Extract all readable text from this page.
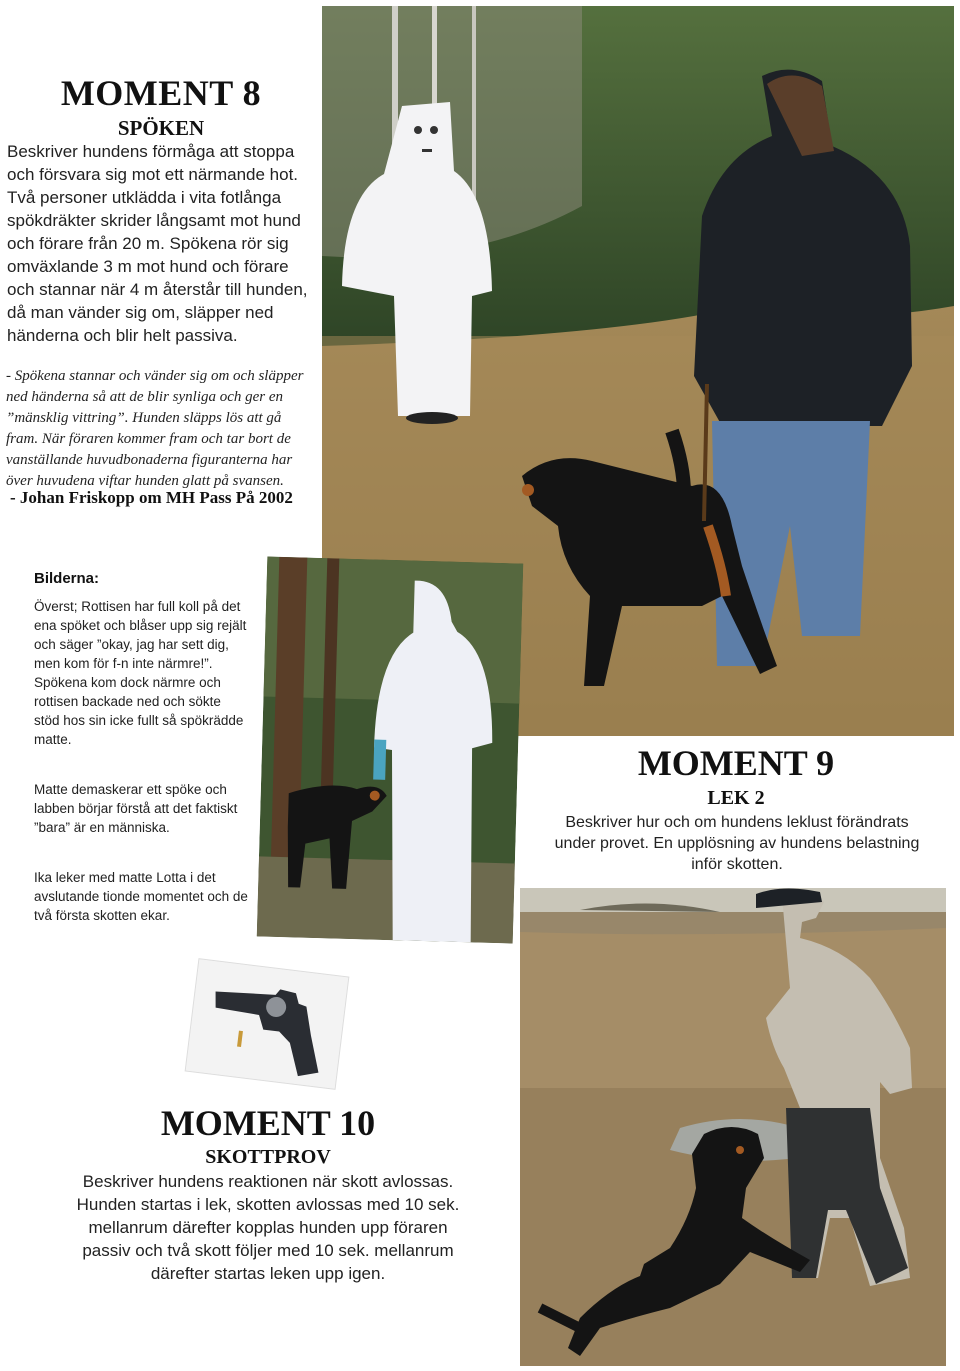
MOMENT 8
SPÖKEN
Beskriver hundens förmåga att stoppa och försvara sig mot ett närmande hot. Två personer utklädda i vita fotlånga spökdräkter skrider långsamt mot hund och förare från 20 m. Spökena rör sig omväxlande 3 m mot hund och förare och stannar när 4 m återstår till hunden, då man vänder sig om, släpper ned händerna och blir helt passiva.
- Spökena stannar och vänder sig om och släpper ned händerna så att de blir synliga och ger en ”mänsklig vittring”. Hunden släpps lös att gå fram. När föraren kommer fram och tar bort de vanställande huvudbonaderna figuranterna har över huvudena viftar hunden glatt på svansen.
- Johan Friskopp om MH Pass På 2002
Bilderna:
Överst; Rottisen har full koll på det ena spöket och blåser upp sig rejält och säger ”okay, jag har sett dig, men kom för f-n inte närmre!”. Spökena kom dock närmre och rottisen backade ned och sökte stöd hos sin icke fullt så spökrädde matte.
Matte demaskerar ett spöke och labben börjar förstå att det faktiskt ”bara” är en människa.
Ika leker med matte Lotta i det avslutande tionde momentet och de två första skotten ekar.
MOMENT 9
LEK 2
Beskriver hur och om hundens leklust förändrats under provet. En upplösning av hundens belastning inför skotten.
MOMENT 10
SKOTTPROV
Beskriver hundens reaktionen när skott avlossas. Hunden startas i lek, skotten avlossas med 10 sek. mellanrum därefter kopplas hunden upp föraren passiv och två skott följer med 10 sek. mellanrum därefter startas leken upp igen.
